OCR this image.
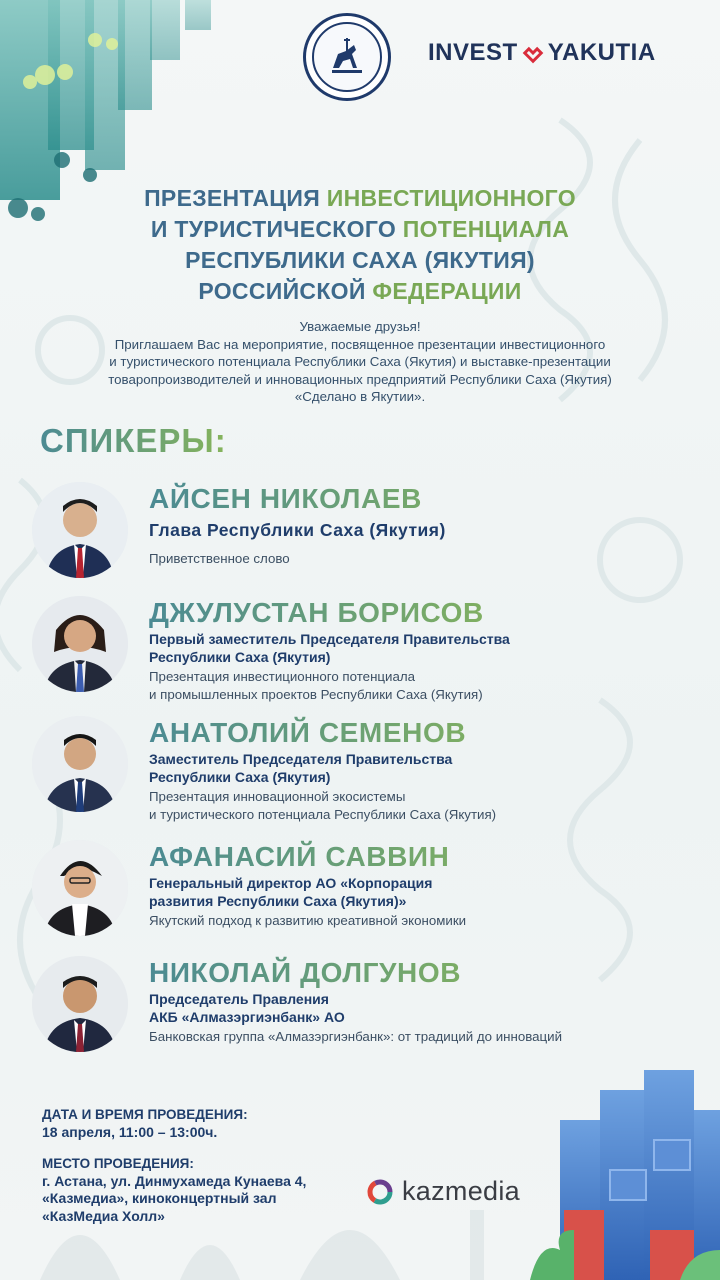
INVEST YAKUTIA
ПРЕЗЕНТАЦИЯ ИНВЕСТИЦИОННОГО
И ТУРИСТИЧЕСКОГО ПОТЕНЦИАЛА
РЕСПУБЛИКИ САХА (ЯКУТИЯ)
РОССИЙСКОЙ ФЕДЕРАЦИИ
Уважаемые друзья!
Приглашаем Вас на мероприятие, посвященное презентации инвестиционного
и туристического потенциала Республики Саха (Якутия) и выставке-презентации
товаропроизводителей и инновационных предприятий Республики Саха (Якутия)
«Сделано в Якутии».
СПИКЕРЫ:
АЙСЕН НИКОЛАЕВ
Глава Республики Саха (Якутия)
Приветственное слово
ДЖУЛУСТАН БОРИСОВ
Первый заместитель Председателя Правительства
Республики Саха (Якутия)
Презентация инвестиционного потенциала
и промышленных проектов Республики Саха (Якутия)
АНАТОЛИЙ СЕМЕНОВ
Заместитель Председателя Правительства
Республики Саха (Якутия)
Презентация инновационной экосистемы
и туристического потенциала Республики Саха (Якутия)
АФАНАСИЙ САВВИН
Генеральный директор АО «Корпорация
развития Республики Саха (Якутия)»
Якутский подход к развитию креативной экономики
НИКОЛАЙ ДОЛГУНОВ
Председатель Правления
АКБ «Алмазэргиэнбанк» АО
Банковская группа «Алмазэргиэнбанк»: от традиций до инноваций
ДАТА И ВРЕМЯ ПРОВЕДЕНИЯ:
18 апреля, 11:00 – 13:00ч.
МЕСТО ПРОВЕДЕНИЯ:
г. Астана, ул. Динмухамеда Кунаева 4,
«Казмедиа», киноконцертный зал
«КазМедиа Холл»
kazmedia
